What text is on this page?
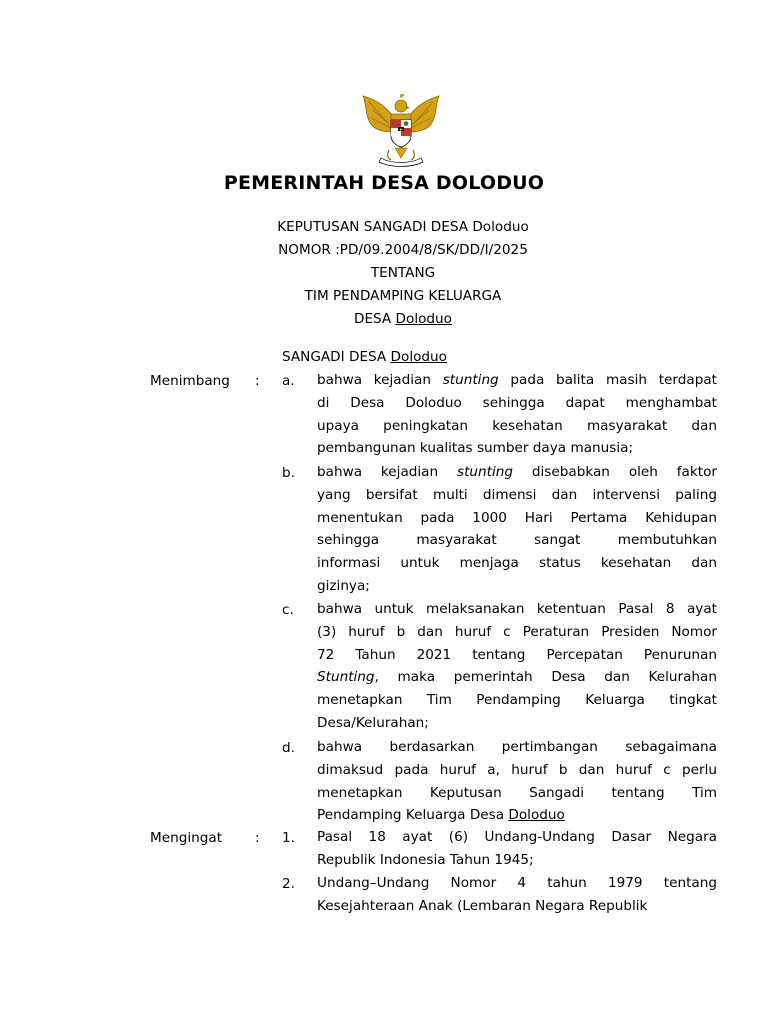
PEMERINTAH DESA DOLODUO
KEPUTUSAN SANGADI DESA Doloduo
NOMOR :PD/09.2004/8/SK/DD/I/2025
TENTANG
TIM PENDAMPING KELUARGA
DESA Doloduo
SANGADI DESA Doloduo
Menimbang : a. bahwa kejadian stunting pada balita masih terdapat
di Desa Doloduo sehingga dapat menghambat
upaya peningkatan kesehatan masyarakat dan
pembangunan kualitas sumber daya manusia;
b. bahwa kejadian stunting disebabkan oleh faktor
yang bersifat multi dimensi dan intervensi paling
menentukan pada 1000 Hari Pertama Kehidupan
sehingga masyarakat sangat membutuhkan
informasi untuk menjaga status kesehatan dan
gizinya;
c. bahwa untuk melaksanakan ketentuan Pasal 8 ayat
(3) huruf b dan huruf c Peraturan Presiden Nomor
72 Tahun 2021 tentang Percepatan Penurunan
Stunting, maka pemerintah Desa dan Kelurahan
menetapkan Tim Pendamping Keluarga tingkat
Desa/Kelurahan;
d. bahwa berdasarkan pertimbangan sebagaimana
dimaksud pada huruf a, huruf b dan huruf c perlu
menetapkan Keputusan Sangadi tentang Tim
Pendamping Keluarga Desa Doloduo
Mengingat : 1. Pasal 18 ayat (6) Undang-Undang Dasar Negara
Republik Indonesia Tahun 1945;
2. Undang–Undang Nomor 4 tahun 1979 tentang
Kesejahteraan Anak (Lembaran Negara Republik
